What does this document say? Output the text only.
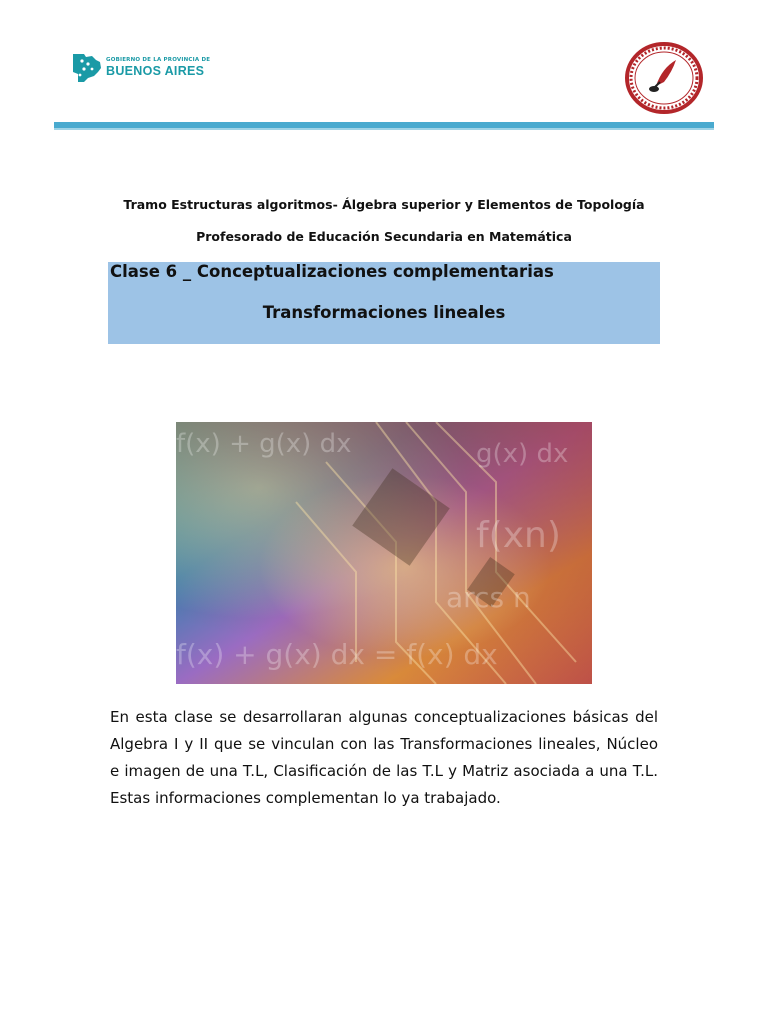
GOBIERNO DE LA PROVINCIA DE
BUENOS AIRES
Tramo Estructuras algoritmos- Álgebra superior y Elementos de Topología
Profesorado de Educación Secundaria en Matemática
Clase 6 _ Conceptualizaciones complementarias
Transformaciones lineales
f(x) + g(x) dx	g(x) dx
f(xn)
arcs n
f(x) + g(x) dx = f(x) dx
En esta clase se desarrollaran algunas conceptualizaciones básicas del Algebra I y II que se vinculan con las Transformaciones lineales, Núcleo e imagen de una T.L, Clasificación de las T.L y Matriz asociada a una T.L. Estas informaciones complementan lo ya trabajado.
